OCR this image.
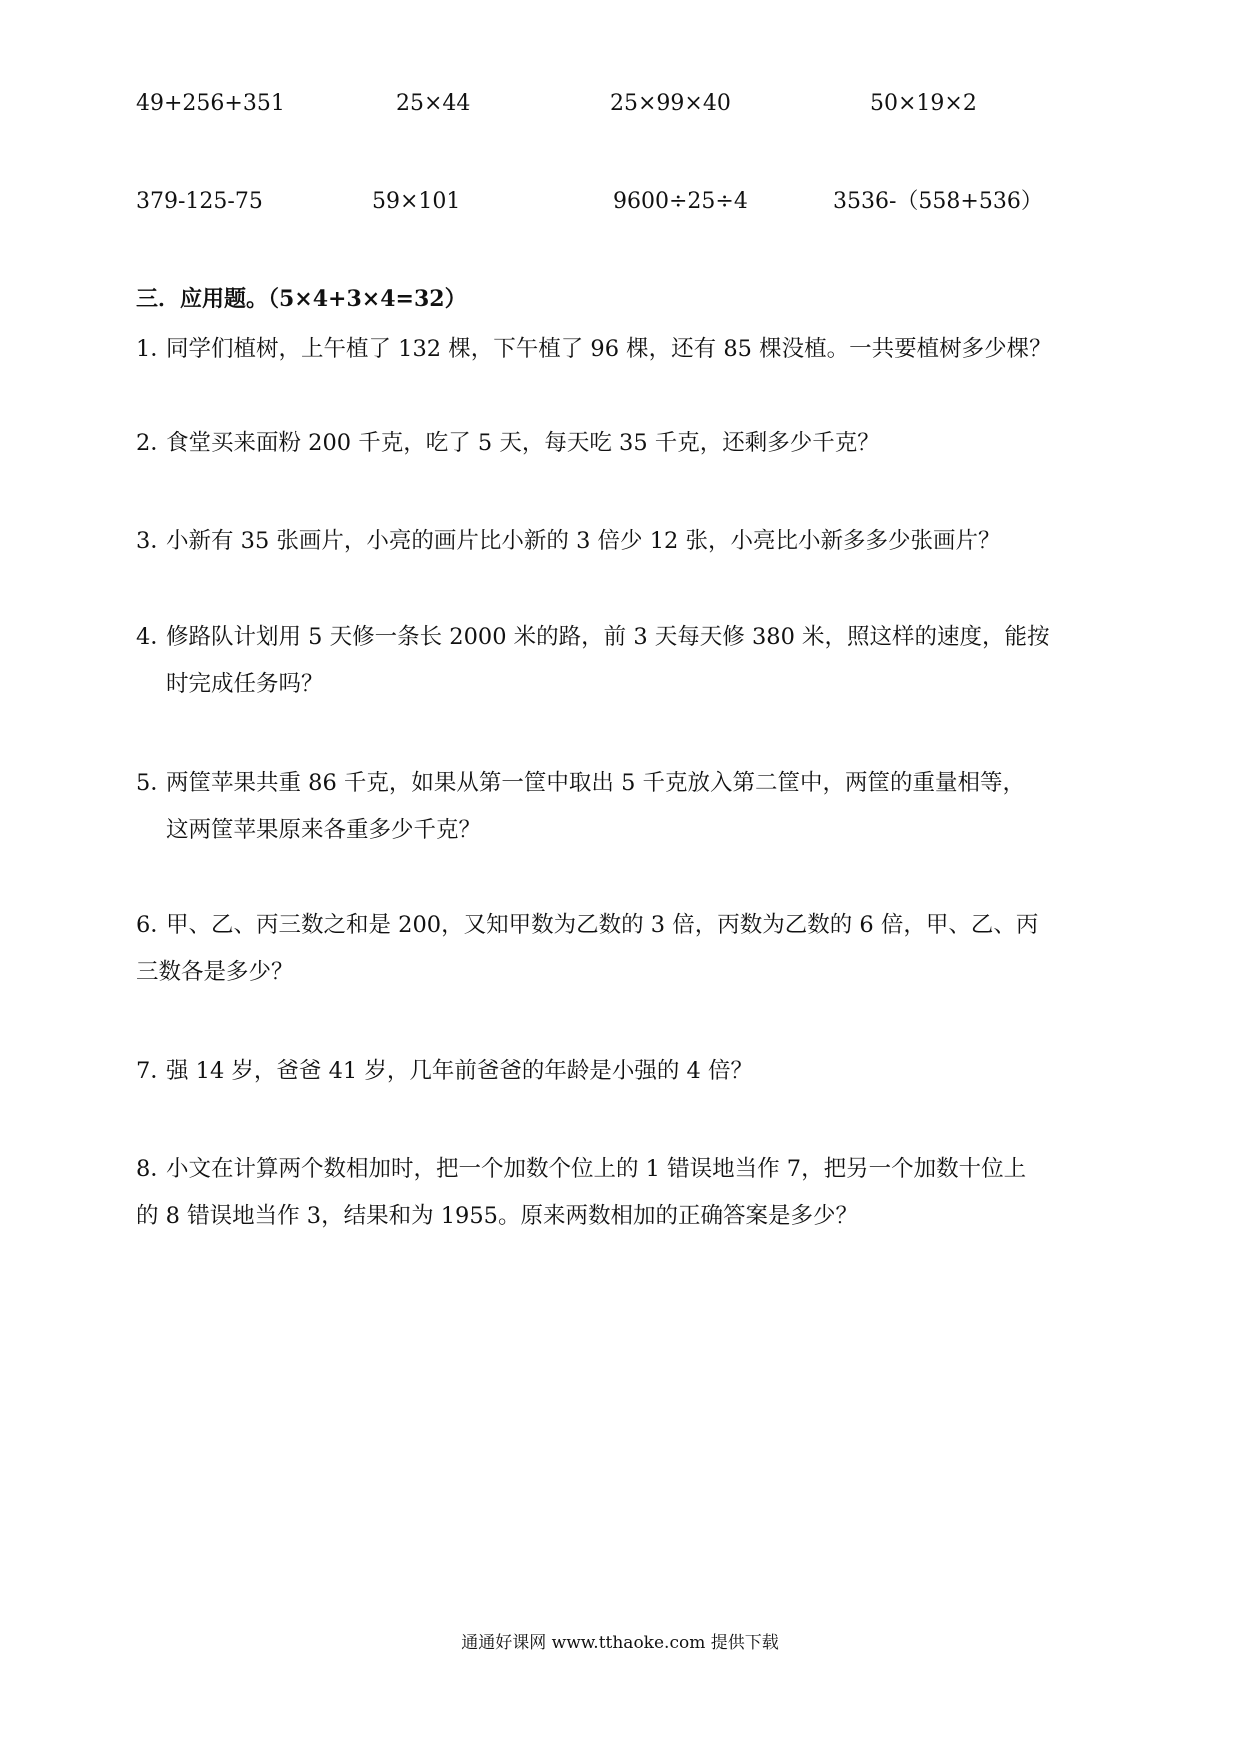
49+256+351	25×44	25×99×40	50×19×2
379-125-75	59×101	9600÷25÷4	3536-（558+536）
三．应用题。（5×4+3×4=32）
1．同学们植树，上午植了 132 棵，下午植了 96 棵，还有 85 棵没植。一共要植树多少棵？
2．食堂买来面粉 200 千克，吃了 5 天，每天吃 35 千克，还剩多少千克？
3．小新有 35 张画片，小亮的画片比小新的 3 倍少 12 张，小亮比小新多多少张画片？
4．修路队计划用 5 天修一条长 2000 米的路，前 3 天每天修 380 米，照这样的速度，能按
时完成任务吗？
5．两筐苹果共重 86 千克，如果从第一筐中取出 5 千克放入第二筐中，两筐的重量相等，
这两筐苹果原来各重多少千克？
6．甲、乙、丙三数之和是 200，又知甲数为乙数的 3 倍，丙数为乙数的 6 倍，甲、乙、丙
三数各是多少？
7．强 14 岁，爸爸 41 岁，几年前爸爸的年龄是小强的 4 倍？
8．小文在计算两个数相加时，把一个加数个位上的 1 错误地当作 7，把另一个加数十位上
的 8 错误地当作 3，结果和为 1955。原来两数相加的正确答案是多少？
通通好课网 www.tthaoke.com 提供下载
